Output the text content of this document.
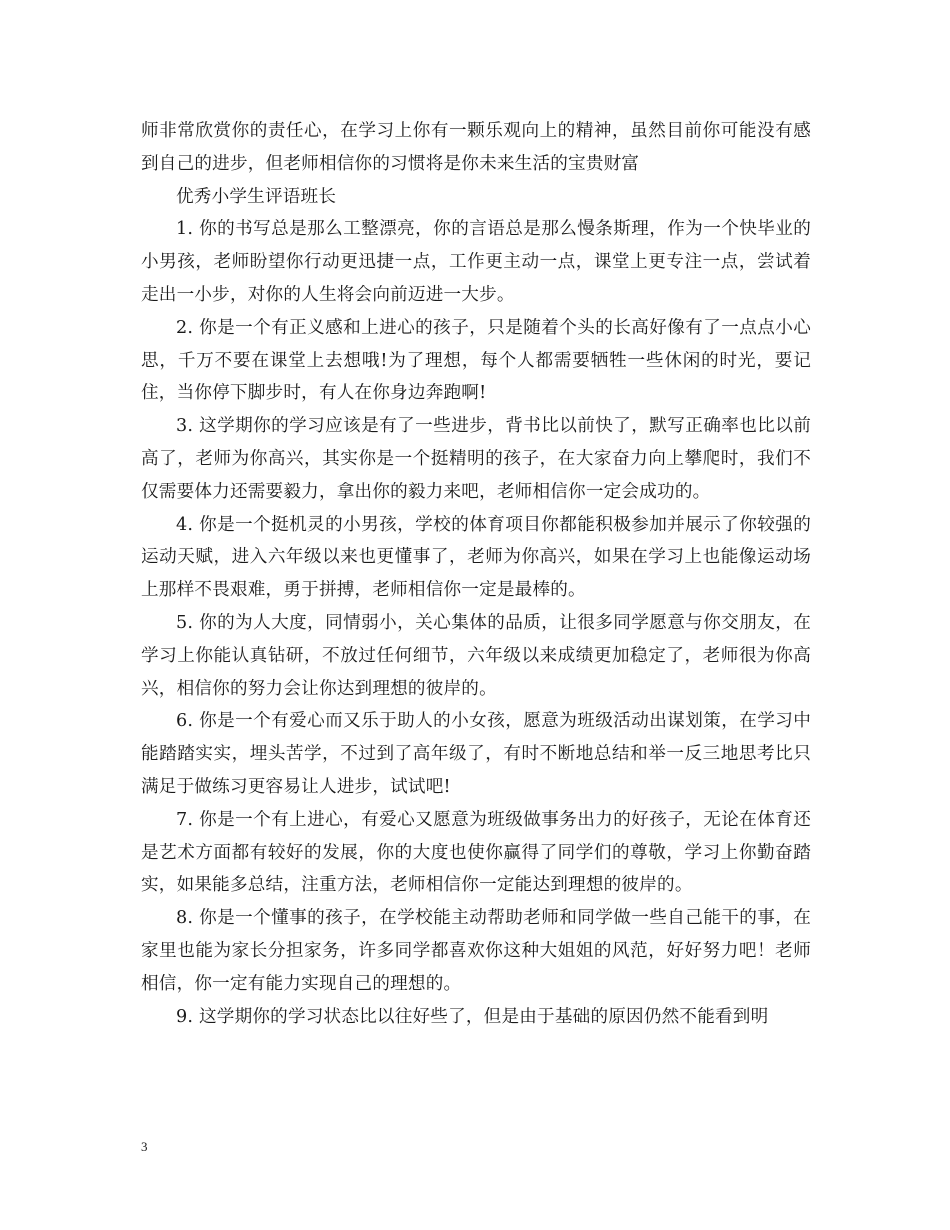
师非常欣赏你的责任心，在学习上你有一颗乐观向上的精神，虽然目前你可能没有感到自己的进步，但老师相信你的习惯将是你未来生活的宝贵财富

优秀小学生评语班长

1. 你的书写总是那么工整漂亮，你的言语总是那么慢条斯理，作为一个快毕业的小男孩，老师盼望你行动更迅捷一点，工作更主动一点，课堂上更专注一点，尝试着走出一小步，对你的人生将会向前迈进一大步。

2. 你是一个有正义感和上进心的孩子，只是随着个头的长高好像有了一点点小心思，千万不要在课堂上去想哦!为了理想，每个人都需要牺牲一些休闲的时光，要记住，当你停下脚步时，有人在你身边奔跑啊!

3. 这学期你的学习应该是有了一些进步，背书比以前快了，默写正确率也比以前高了，老师为你高兴，其实你是一个挺精明的孩子，在大家奋力向上攀爬时，我们不仅需要体力还需要毅力，拿出你的毅力来吧，老师相信你一定会成功的。

4. 你是一个挺机灵的小男孩，学校的体育项目你都能积极参加并展示了你较强的运动天赋，进入六年级以来也更懂事了，老师为你高兴，如果在学习上也能像运动场上那样不畏艰难，勇于拼搏，老师相信你一定是最棒的。

5. 你的为人大度，同情弱小，关心集体的品质，让很多同学愿意与你交朋友，在学习上你能认真钻研，不放过任何细节，六年级以来成绩更加稳定了，老师很为你高兴，相信你的努力会让你达到理想的彼岸的。

6. 你是一个有爱心而又乐于助人的小女孩，愿意为班级活动出谋划策，在学习中能踏踏实实，埋头苦学，不过到了高年级了，有时不断地总结和举一反三地思考比只满足于做练习更容易让人进步，试试吧!

7. 你是一个有上进心，有爱心又愿意为班级做事务出力的好孩子，无论在体育还是艺术方面都有较好的发展，你的大度也使你赢得了同学们的尊敬，学习上你勤奋踏实，如果能多总结，注重方法，老师相信你一定能达到理想的彼岸的。

8. 你是一个懂事的孩子，在学校能主动帮助老师和同学做一些自己能干的事，在家里也能为家长分担家务，许多同学都喜欢你这种大姐姐的风范，好好努力吧！老师相信，你一定有能力实现自己的理想的。

9. 这学期你的学习状态比以往好些了，但是由于基础的原因仍然不能看到明

3
